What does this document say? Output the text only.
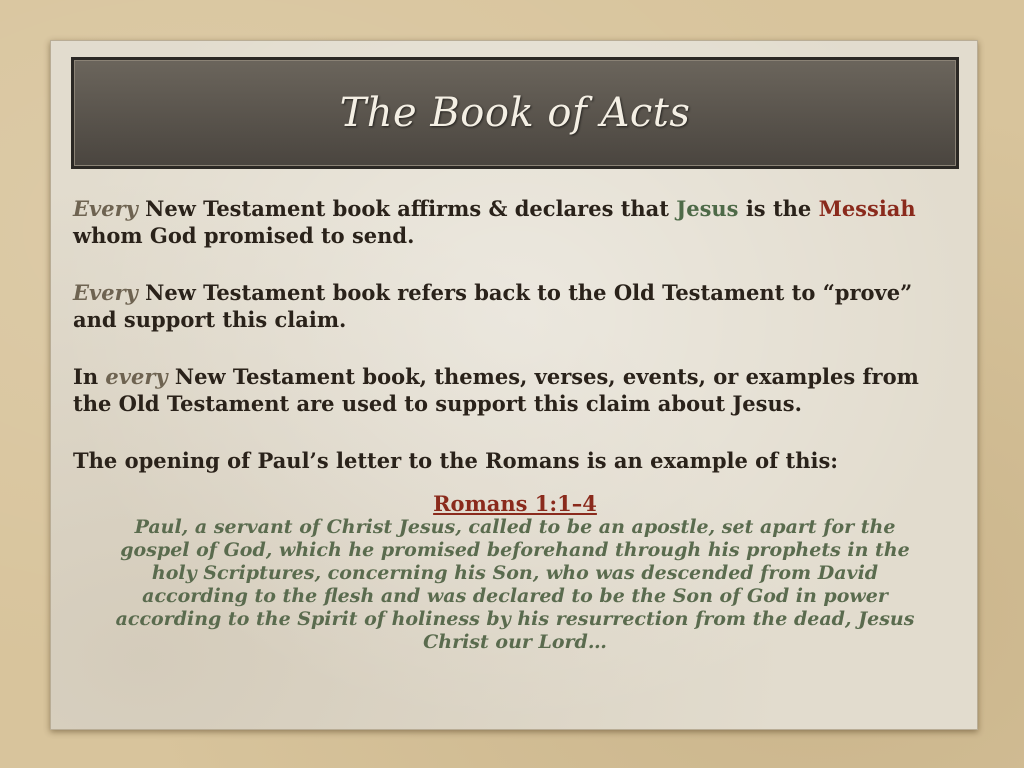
The Book of Acts

Every New Testament book affirms & declares that Jesus is the Messiah whom God promised to send.

Every New Testament book refers back to the Old Testament to “prove” and support this claim.

In every New Testament book, themes, verses, events, or examples from the Old Testament are used to support this claim about Jesus.

The opening of Paul’s letter to the Romans is an example of this:

Romans 1:1–4
Paul, a servant of Christ Jesus, called to be an apostle, set apart for the gospel of God, which he promised beforehand through his prophets in the holy Scriptures, concerning his Son, who was descended from David according to the flesh and was declared to be the Son of God in power according to the Spirit of holiness by his resurrection from the dead, Jesus Christ our Lord…
